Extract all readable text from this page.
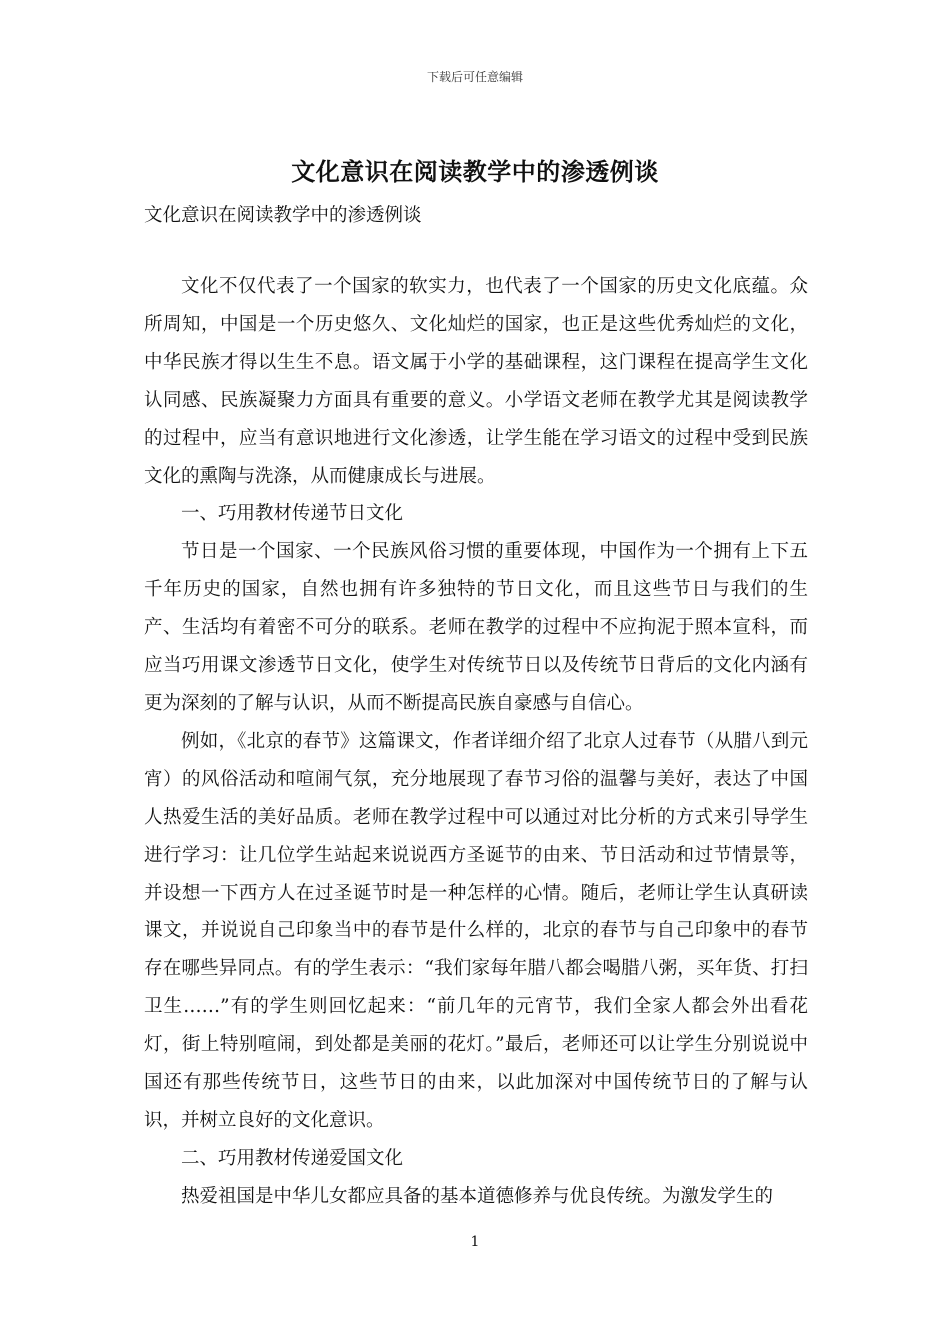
下载后可任意编辑
文化意识在阅读教学中的渗透例谈
文化意识在阅读教学中的渗透例谈

文化不仅代表了一个国家的软实力，也代表了一个国家的历史文化底蕴。众所周知，中国是一个历史悠久、文化灿烂的国家，也正是这些优秀灿烂的文化，中华民族才得以生生不息。语文属于小学的基础课程，这门课程在提高学生文化认同感、民族凝聚力方面具有重要的意义。小学语文老师在教学尤其是阅读教学的过程中，应当有意识地进行文化渗透，让学生能在学习语文的过程中受到民族文化的熏陶与洗涤，从而健康成长与进展。

一、巧用教材传递节日文化

节日是一个国家、一个民族风俗习惯的重要体现，中国作为一个拥有上下五千年历史的国家，自然也拥有许多独特的节日文化，而且这些节日与我们的生产、生活均有着密不可分的联系。老师在教学的过程中不应拘泥于照本宣科，而应当巧用课文渗透节日文化，使学生对传统节日以及传统节日背后的文化内涵有更为深刻的了解与认识，从而不断提高民族自豪感与自信心。

例如，《北京的春节》这篇课文，作者详细介绍了北京人过春节（从腊八到元宵）的风俗活动和喧闹气氛，充分地展现了春节习俗的温馨与美好，表达了中国人热爱生活的美好品质。老师在教学过程中可以通过对比分析的方式来引导学生进行学习：让几位学生站起来说说西方圣诞节的由来、节日活动和过节情景等，并设想一下西方人在过圣诞节时是一种怎样的心情。随后，老师让学生认真研读课文，并说说自己印象当中的春节是什么样的，北京的春节与自己印象中的春节存在哪些异同点。有的学生表示：“我们家每年腊八都会喝腊八粥，买年货、打扫卫生……”有的学生则回忆起来：“前几年的元宵节，我们全家人都会外出看花灯，街上特别喧闹，到处都是美丽的花灯。”最后，老师还可以让学生分别说说中国还有那些传统节日，这些节日的由来，以此加深对中国传统节日的了解与认识，并树立良好的文化意识。

二、巧用教材传递爱国文化

热爱祖国是中华儿女都应具备的基本道德修养与优良传统。为激发学生的

1
